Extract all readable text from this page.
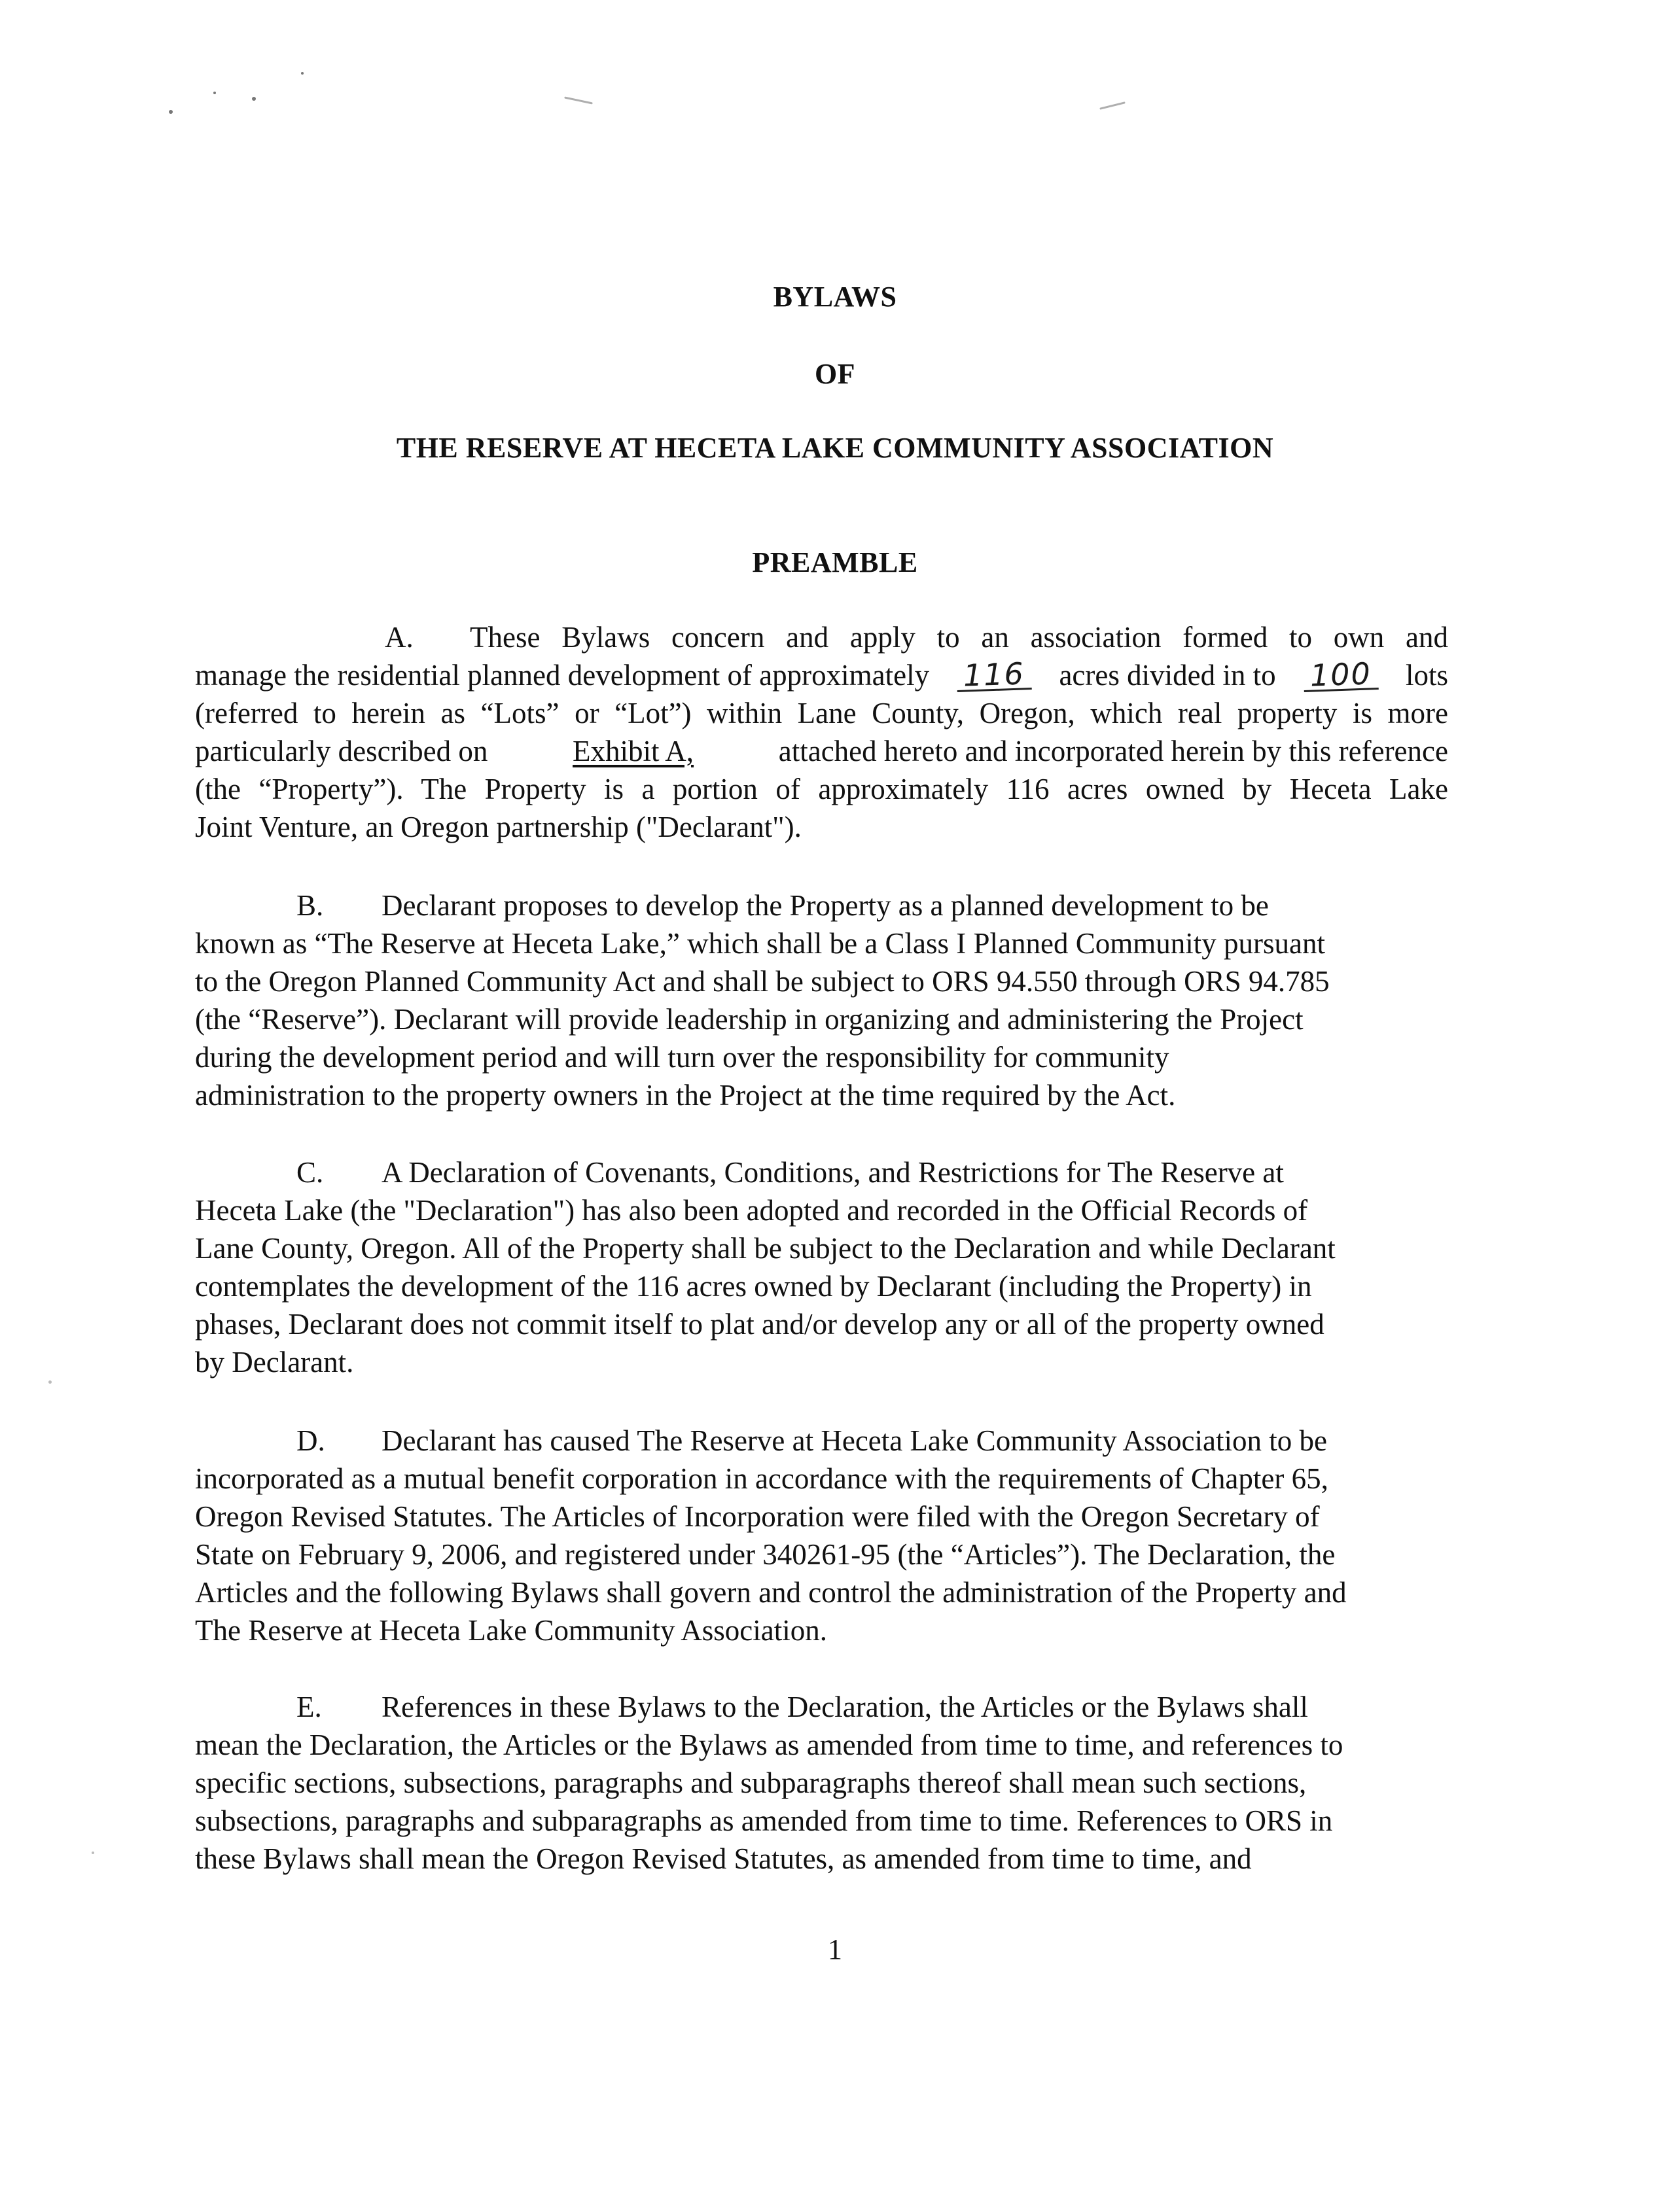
BYLAWS
OF
THE RESERVE AT HECETA LAKE COMMUNITY ASSOCIATION
PREAMBLE
A. These Bylaws concern and apply to an association formed to own and
manage the residential planned development of approximately 116 acres divided in to 100 lots
(referred to herein as “Lots” or “Lot”) within Lane County, Oregon, which real property is more
particularly described on	Exhibit A,	attached hereto and incorporated herein by this reference
(the “Property”). The Property is a portion of approximately 116 acres owned by Heceta Lake
Joint Venture, an Oregon partnership ("Declarant").
B. Declarant proposes to develop the Property as a planned development to be
known as “The Reserve at Heceta Lake,” which shall be a Class I Planned Community pursuant
to the Oregon Planned Community Act and shall be subject to ORS 94.550 through ORS 94.785
(the “Reserve”). Declarant will provide leadership in organizing and administering the Project
during the development period and will turn over the responsibility for community
administration to the property owners in the Project at the time required by the Act.
C. A Declaration of Covenants, Conditions, and Restrictions for The Reserve at
Heceta Lake (the "Declaration") has also been adopted and recorded in the Official Records of
Lane County, Oregon. All of the Property shall be subject to the Declaration and while Declarant
contemplates the development of the 116 acres owned by Declarant (including the Property) in
phases, Declarant does not commit itself to plat and/or develop any or all of the property owned
by Declarant.
D. Declarant has caused The Reserve at Heceta Lake Community Association to be
incorporated as a mutual benefit corporation in accordance with the requirements of Chapter 65,
Oregon Revised Statutes. The Articles of Incorporation were filed with the Oregon Secretary of
State on February 9, 2006, and registered under 340261-95 (the “Articles”). The Declaration, the
Articles and the following Bylaws shall govern and control the administration of the Property and
The Reserve at Heceta Lake Community Association.
E. References in these Bylaws to the Declaration, the Articles or the Bylaws shall
mean the Declaration, the Articles or the Bylaws as amended from time to time, and references to
specific sections, subsections, paragraphs and subparagraphs thereof shall mean such sections,
subsections, paragraphs and subparagraphs as amended from time to time. References to ORS in
these Bylaws shall mean the Oregon Revised Statutes, as amended from time to time, and
1
